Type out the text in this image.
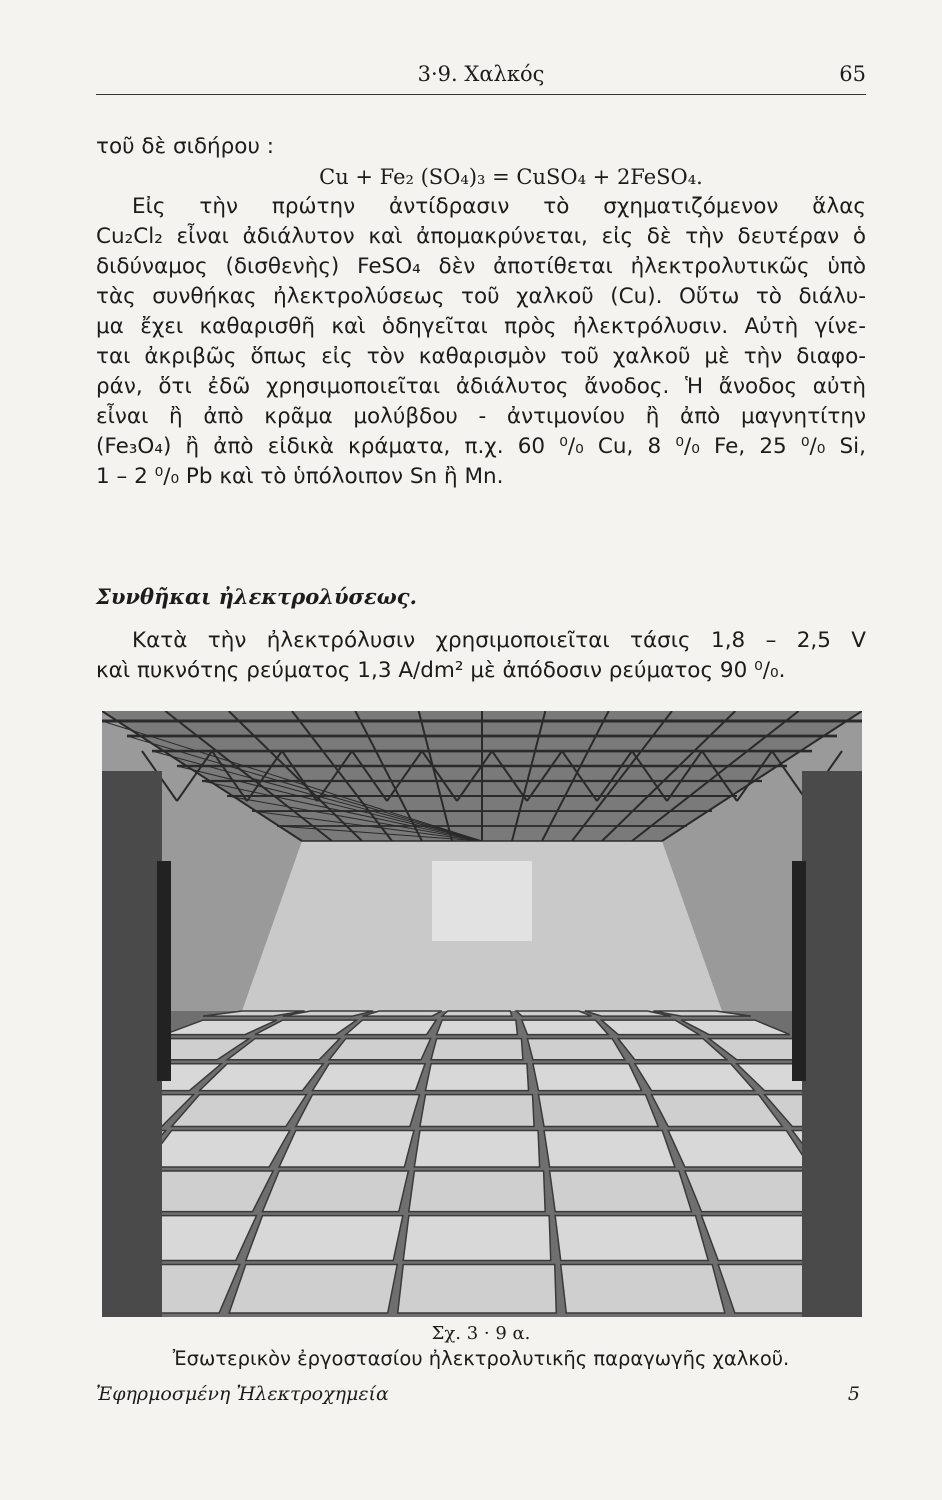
3·9. Χαλκός	65
τοῦ δὲ σιδήρου :
Cu + Fe₂ (SO₄)₃ = CuSO₄ + 2FeSO₄.
Εἰς τὴν πρώτην ἀντίδρασιν τὸ σχηματιζόμενον ἅλας
Cu₂Cl₂ εἶναι ἀδιάλυτον καὶ ἀπομακρύνεται, εἰς δὲ τὴν δευτέραν ὁ
διδύναμος (δισθενὴς) FeSO₄ δὲν ἀποτίθεται ἠλεκτρολυτικῶς ὑπὸ
τὰς συνθήκας ἠλεκτρολύσεως τοῦ χαλκοῦ (Cu). Οὕτω τὸ διάλυ-
μα ἔχει καθαρισθῆ καὶ ὁδηγεῖται πρὸς ἠλεκτρόλυσιν. Αὐτὴ γίνε-
ται ἀκριβῶς ὅπως εἰς τὸν καθαρισμὸν τοῦ χαλκοῦ μὲ τὴν διαφο-
ράν, ὅτι ἐδῶ χρησιμοποιεῖται ἀδιάλυτος ἄνοδος. Ἡ ἄνοδος αὐτὴ
εἶναι ἢ ἀπὸ κρᾶμα μολύβδου - ἀντιμονίου ἢ ἀπὸ μαγνητίτην
(Fe₃O₄) ἢ ἀπὸ εἰδικὰ κράματα, π.χ. 60 ⁰/₀ Cu, 8 ⁰/₀ Fe, 25 ⁰/₀ Si,
1 – 2 ⁰/₀ Pb καὶ τὸ ὑπόλοιπον Sn ἢ Mn.
Συνθῆκαι ἠλεκτρολύσεως.
Κατὰ τὴν ἠλεκτρόλυσιν χρησιμοποιεῖται τάσις 1,8 – 2,5 V
καὶ πυκνότης ρεύματος 1,3 A/dm² μὲ ἀπόδοσιν ρεύματος 90 ⁰/₀.
Σχ. 3 · 9 α.
Ἐσωτερικὸν ἐργοστασίου ἠλεκτρολυτικῆς παραγωγῆς χαλκοῦ.
Ἐφηρμοσμένη Ἠλεκτροχημεία	5
